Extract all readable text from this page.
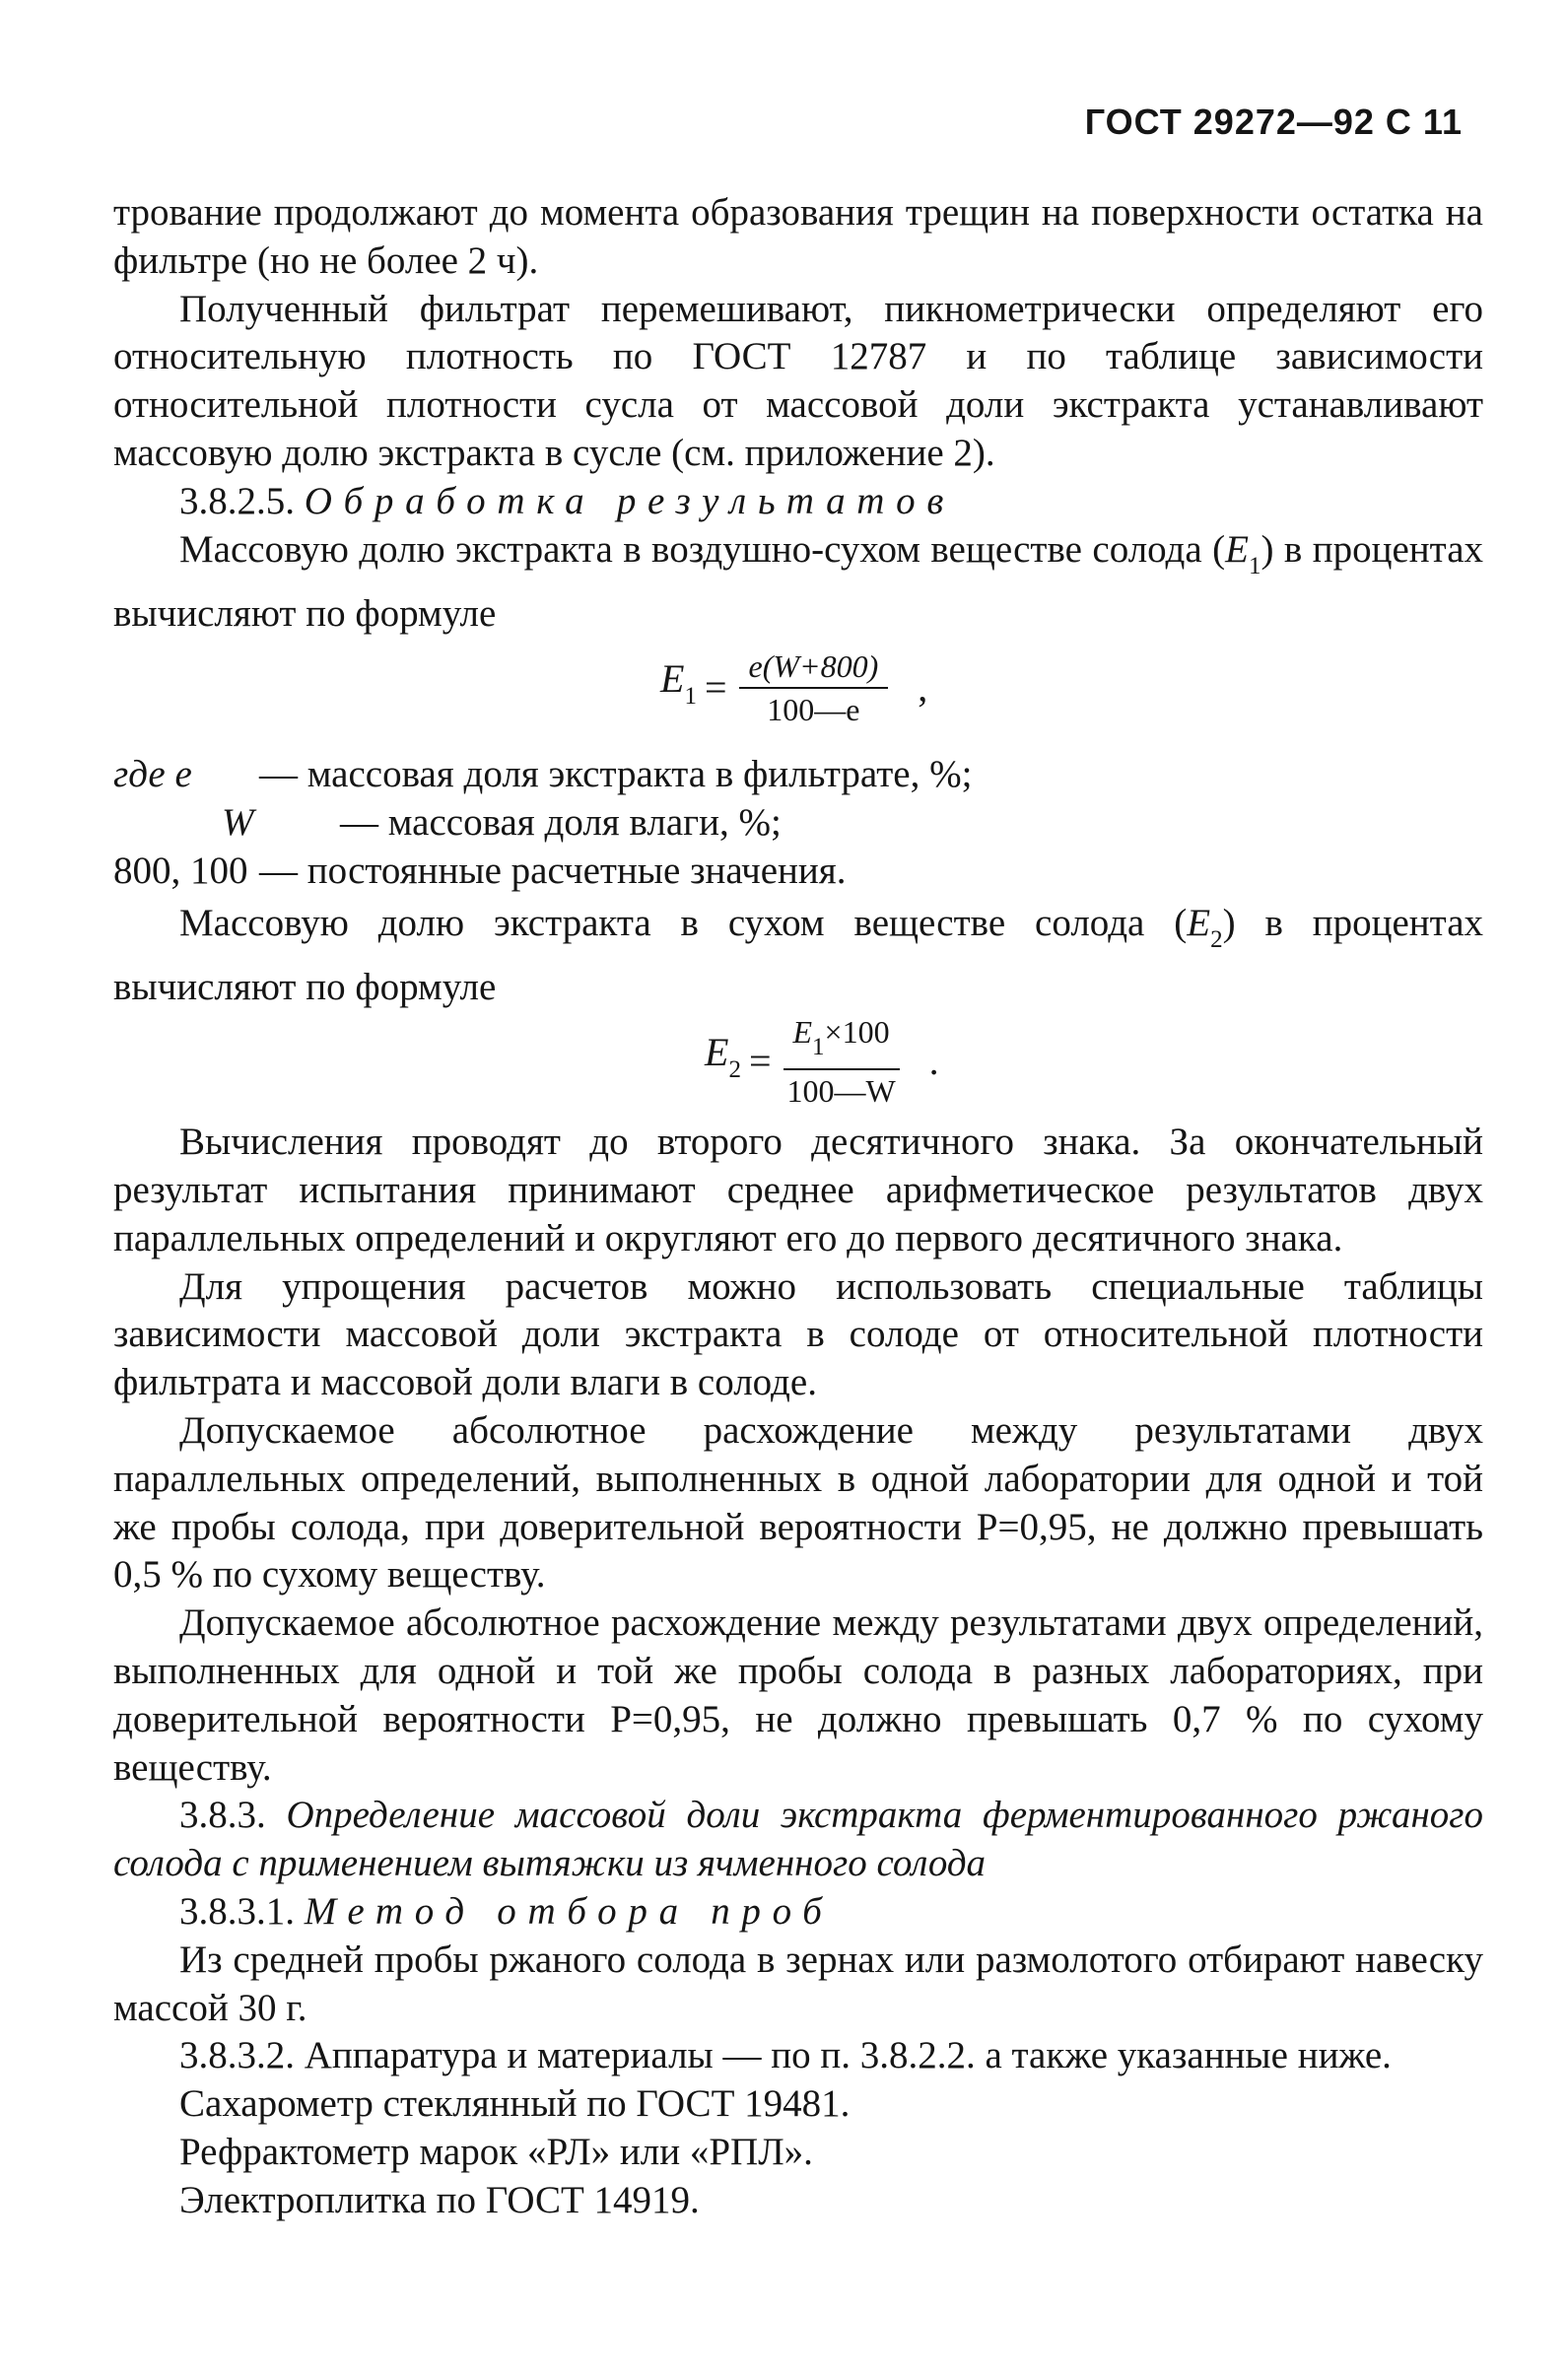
ГОСТ 29272—92 С 11

трование продолжают до момента образования трещин на поверхности остатка на фильтре (но не более 2 ч).

Полученный фильтрат перемешивают, пикнометрически определяют его относительную плотность по ГОСТ 12787 и по таблице зависимости относительной плотности сусла от массовой доли экстракта устанавливают массовую долю экстракта в сусле (см. приложение 2).

3.8.2.5. Обработка результатов

Массовую долю экстракта в воздушно-сухом веществе солода $(E_1)$ в процентах вычисляют по формуле

$E_1 = \frac{e(W+800)}{100—e}$ ,
где e	— массовая доля экстракта в фильтрате, %;
W	— массовая доля влаги, %;
800, 100 — постоянные расчетные значения.

Массовую долю экстракта в сухом веществе солода $(E_2)$ в процентах вычисляют по формуле

$E_2 = \frac{E_1\times 100}{100—W}$ .

Вычисления проводят до второго десятичного знака. За окончательный результат испытания принимают среднее арифметическое результатов двух параллельных определений и округляют его до первого десятичного знака.

Для упрощения расчетов можно использовать специальные таблицы зависимости массовой доли экстракта в солоде от относительной плотности фильтрата и массовой доли влаги в солоде.

Допускаемое абсолютное расхождение между результатами двух параллельных определений, выполненных в одной лаборатории для одной и той же пробы солода, при доверительной вероятности P=0,95, не должно превышать 0,5 % по сухому веществу.

Допускаемое абсолютное расхождение между результатами двух определений, выполненных для одной и той же пробы солода в разных лабораториях, при доверительной вероятности P=0,95, не должно превышать 0,7 % по сухому веществу.

3.8.3. Определение массовой доли экстракта ферментированного ржаного солода с применением вытяжки из ячменного солода

3.8.3.1. Метод отбора проб

Из средней пробы ржаного солода в зернах или размолотого отбирают навеску массой 30 г.

3.8.3.2. Аппаратура и материалы — по п. 3.8.2.2. а также указанные ниже.

Сахарометр стеклянный по ГОСТ 19481.

Рефрактометр марок «РЛ» или «РПЛ».

Электроплитка по ГОСТ 14919.
